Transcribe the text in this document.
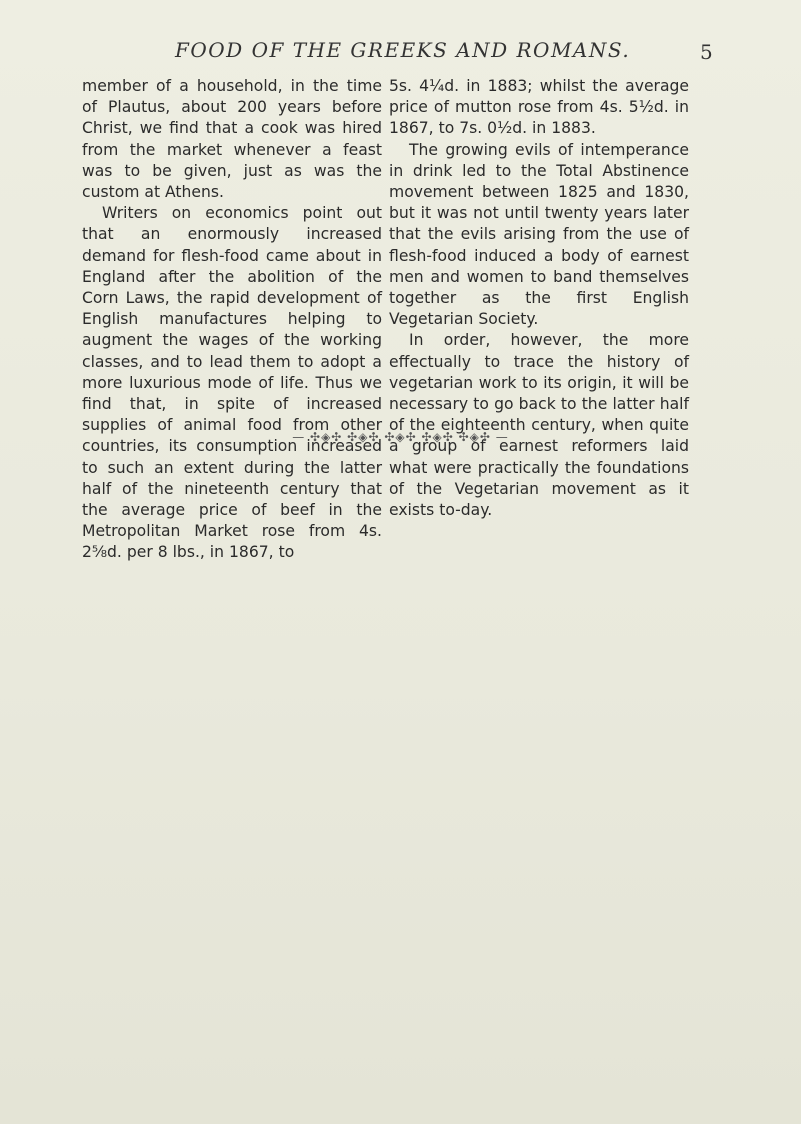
FOOD OF THE GREEKS AND ROMANS.	5

member of a household, in the time of Plautus, about 200 years before Christ, we find that a cook was hired from the market whenever a feast was to be given, just as was the custom at Athens.

Writers on economics point out that an enormously increased demand for flesh-food came about in England after the abolition of the Corn Laws, the rapid development of English manufactures helping to augment the wages of the working classes, and to lead them to adopt a more luxurious mode of life. Thus we find that, in spite of increased supplies of animal food from other countries, its consumption increased to such an extent during the latter half of the nineteenth century that the average price of beef in the Metropolitan Market rose from 4s. 2⅝d. per 8 lbs., in 1867, to

5s. 4¼d. in 1883; whilst the average price of mutton rose from 4s. 5½d. in 1867, to 7s. 0½d. in 1883.

The growing evils of intemperance in drink led to the Total Abstinence movement between 1825 and 1830, but it was not until twenty years later that the evils arising from the use of flesh-food induced a body of earnest men and women to band themselves together as the first English Vegetarian Society.

In order, however, the more effectually to trace the history of vegetarian work to its origin, it will be necessary to go back to the latter half of the eighteenth century, when quite a group of earnest reformers laid what were practically the foundations of the Vegetarian movement as it exists to-day.

— ✣◈✣ ✣◈✣ ✣◈✣ ✣◈✣ ✣◈✣ —
